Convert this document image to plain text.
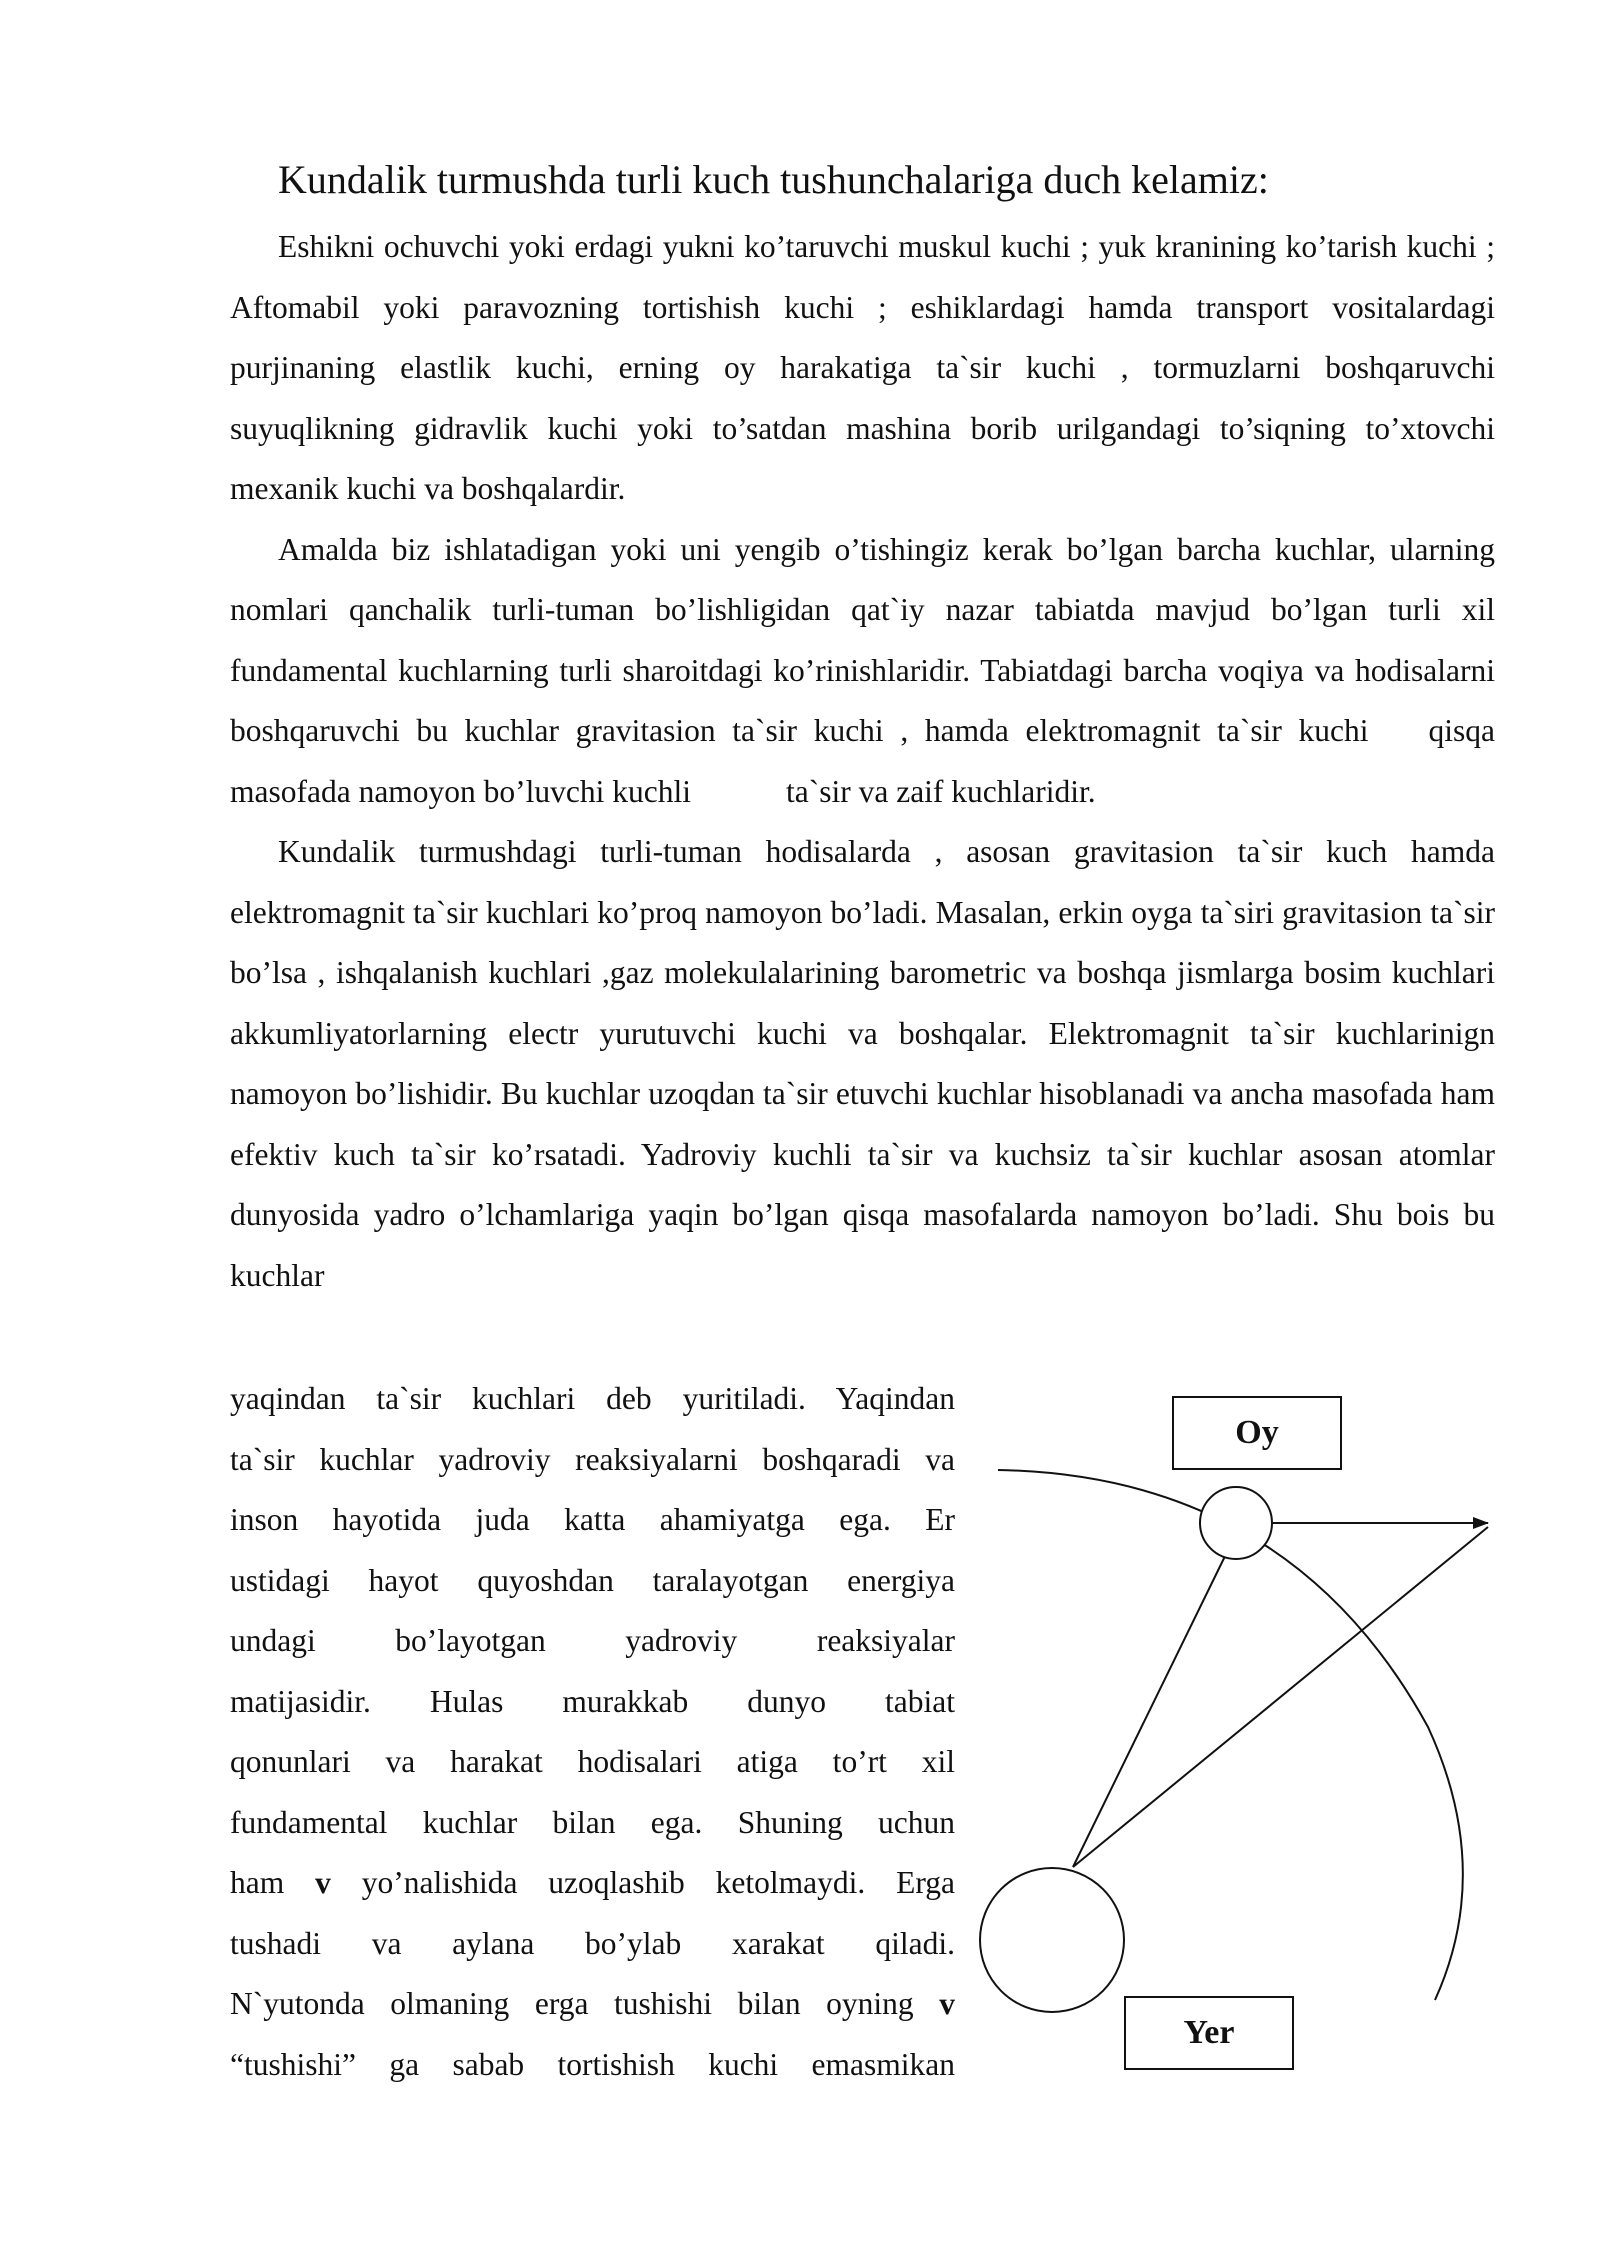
Kundalik turmushda turli kuch tushunchalariga duch kelamiz:

Eshikni ochuvchi yoki erdagi yukni ko’taruvchi muskul kuchi ; yuk kranining ko’tarish kuchi ; Aftomabil yoki paravozning tortishish kuchi ; eshiklardagi hamda transport vositalardagi purjinaning elastlik kuchi, erning oy harakatiga ta`sir kuchi , tormuzlarni boshqaruvchi suyuqlikning gidravlik kuchi yoki to’satdan mashina borib urilgandagi to’siqning to’xtovchi mexanik kuchi va boshqalardir.

Amalda biz ishlatadigan yoki uni yengib o’tishingiz kerak bo’lgan barcha kuchlar, ularning nomlari qanchalik turli-tuman bo’lishligidan qat`iy nazar tabiatda mavjud bo’lgan turli xil fundamental kuchlarning turli sharoitdagi ko’rinishlaridir. Tabiatdagi barcha voqiya va hodisalarni boshqaruvchi bu kuchlar gravitasion ta`sir kuchi , hamda elektromagnit ta`sir kuchi qisqa masofada namoyon bo’luvchi kuchli	ta`sir va zaif kuchlaridir.

Kundalik turmushdagi turli-tuman hodisalarda , asosan gravitasion ta`sir kuch hamda elektromagnit ta`sir kuchlari ko’proq namoyon bo’ladi. Masalan, erkin oyga ta`siri gravitasion ta`sir bo’lsa , ishqalanish kuchlari ,gaz molekulalarining barometric va boshqa jismlarga bosim kuchlari akkumliyatorlarning electr yurutuvchi kuchi va boshqalar. Elektromagnit ta`sir kuchlarinign namoyon bo’lishidir. Bu kuchlar uzoqdan ta`sir etuvchi kuchlar hisoblanadi va ancha masofada ham efektiv kuch ta`sir ko’rsatadi. Yadroviy kuchli ta`sir va kuchsiz ta`sir kuchlar asosan atomlar dunyosida yadro o’lchamlariga yaqin bo’lgan qisqa masofalarda namoyon bo’ladi. Shu bois bu kuchlar

yaqindan ta`sir kuchlari deb yuritiladi. Yaqindan

ta`sir kuchlar yadroviy reaksiyalarni boshqaradi va

inson hayotida juda katta ahamiyatga ega. Er

ustidagi hayot quyoshdan taralayotgan energiya

undagi bo’layotgan yadroviy reaksiyalar

matijasidir. Hulas murakkab dunyo tabiat

qonunlari va harakat hodisalari atiga to’rt xil

fundamental kuchlar bilan ega. Shuning uchun

ham v yo’nalishida uzoqlashib ketolmaydi. Erga

tushadi va aylana bo’ylab xarakat qiladi.

N`yutonda olmaning erga tushishi bilan oyning v

“tushishi” ga sabab tortishish kuchi emasmikan

Oy
Yer
